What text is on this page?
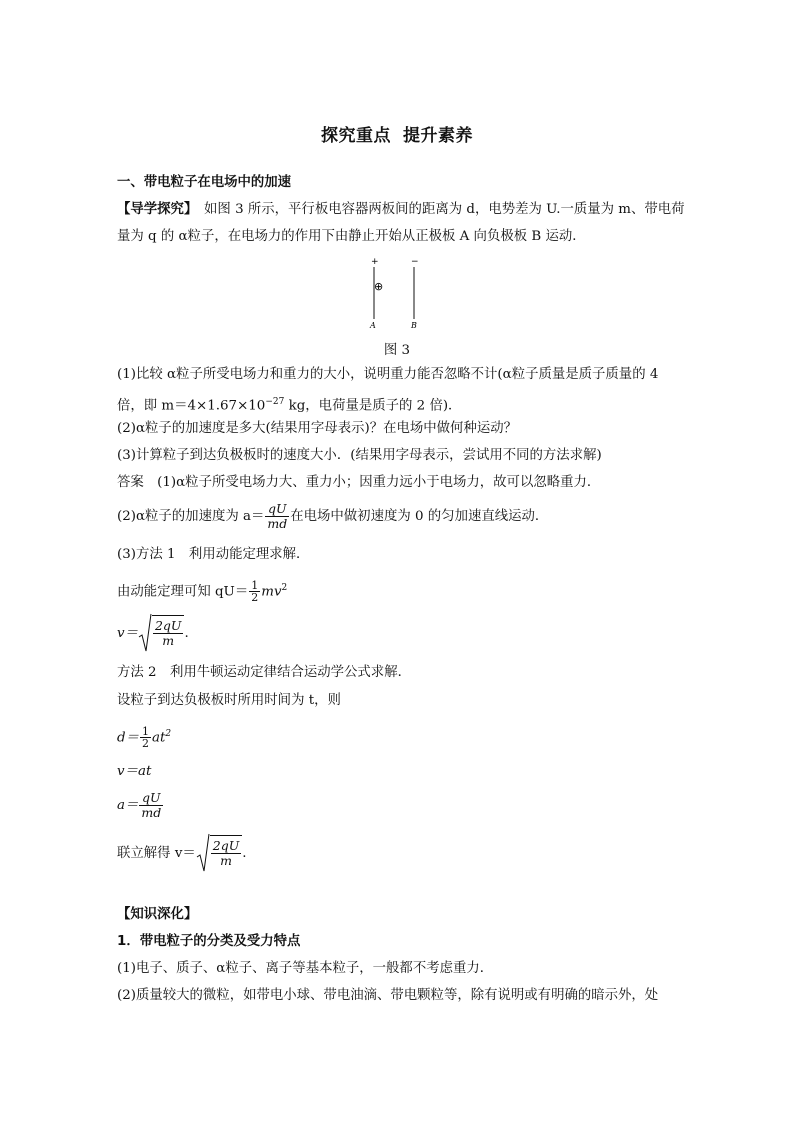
探究重点 提升素养
一、带电粒子在电场中的加速
【导学探究】　如图 3 所示，平行板电容器两板间的距离为 d，电势差为 U.一质量为 m、带电荷
量为 q 的 α粒子，在电场力的作用下由静止开始从正极板 A 向负极板 B 运动．
+	−
⊕
A	B
图 3
(1)比较 α粒子所受电场力和重力的大小，说明重力能否忽略不计(α粒子质量是质子质量的 4
倍，即 $m=4\times 1.67\times 10^{-27}$ kg，电荷量是质子的 2 倍)．
(2)α粒子的加速度是多大(结果用字母表示)？在电场中做何种运动？
(3)计算粒子到达负极板时的速度大小．(结果用字母表示，尝试用不同的方法求解)
答案　(1)α粒子所受电场力大、重力小；因重力远小于电场力，故可以忽略重力．
(2)α粒子的加速度为 $a= \frac{qU}{md}$ 在电场中做初速度为 0 的匀加速直线运动．
(3)方法 1　利用动能定理求解．
由动能定理可知 $qU= \frac{1}{2} mv^2$
$v= \frac{2qU}{m}$ .
方法 2　利用牛顿运动定律结合运动学公式求解．
设粒子到达负极板时所用时间为 t，则
$d= \frac{1}{2} at^2$
v＝at
$a= \frac{qU}{md}$
联立解得 $v= \frac{2qU}{m}$ .
【知识深化】
1．带电粒子的分类及受力特点
(1)电子、质子、α粒子、离子等基本粒子，一般都不考虑重力．
(2)质量较大的微粒，如带电小球、带电油滴、带电颗粒等，除有说明或有明确的暗示外，处
